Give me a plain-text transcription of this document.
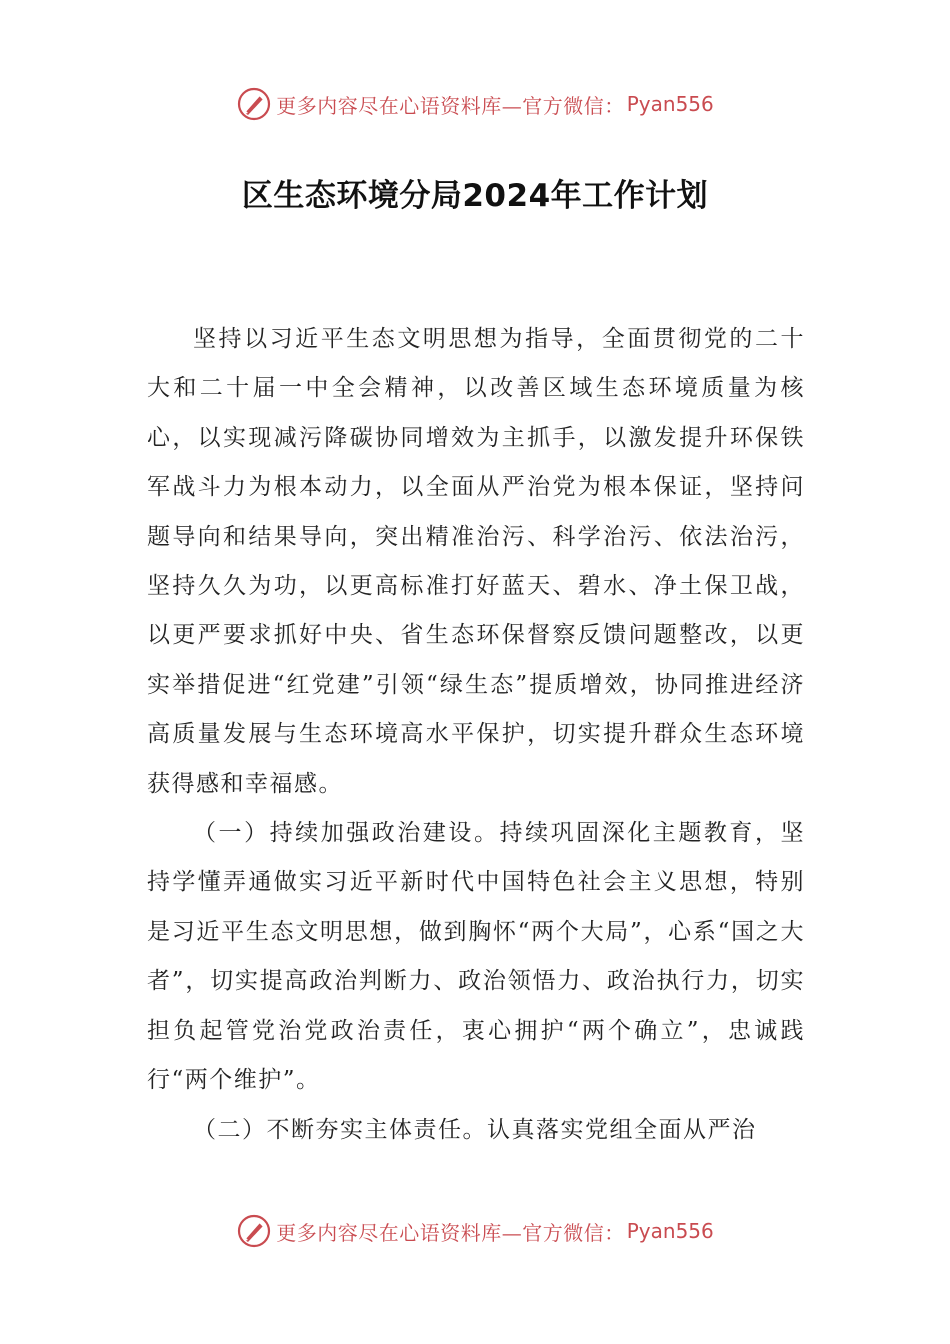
更多内容尽在心语资料库—官方微信： Pyan556
区生态环境分局2024年工作计划

坚持以习近平生态文明思想为指导，全面贯彻党的二十大和二十届一中全会精神，以改善区域生态环境质量为核心，以实现减污降碳协同增效为主抓手，以激发提升环保铁军战斗力为根本动力，以全面从严治党为根本保证，坚持问题导向和结果导向，突出精准治污、科学治污、依法治污，坚持久久为功，以更高标准打好蓝天、碧水、净土保卫战，以更严要求抓好中央、省生态环保督察反馈问题整改，以更实举措促进“红党建”引领“绿生态”提质增效，协同推进经济高质量发展与生态环境高水平保护，切实提升群众生态环境获得感和幸福感。

（一）持续加强政治建设。持续巩固深化主题教育，坚持学懂弄通做实习近平新时代中国特色社会主义思想，特别是习近平生态文明思想，做到胸怀“两个大局”，心系“国之大者”，切实提高政治判断力、政治领悟力、政治执行力，切实担负起管党治党政治责任，衷心拥护“两个确立”，忠诚践行“两个维护”。

（二）不断夯实主体责任。认真落实党组全面从严治

更多内容尽在心语资料库—官方微信： Pyan556
